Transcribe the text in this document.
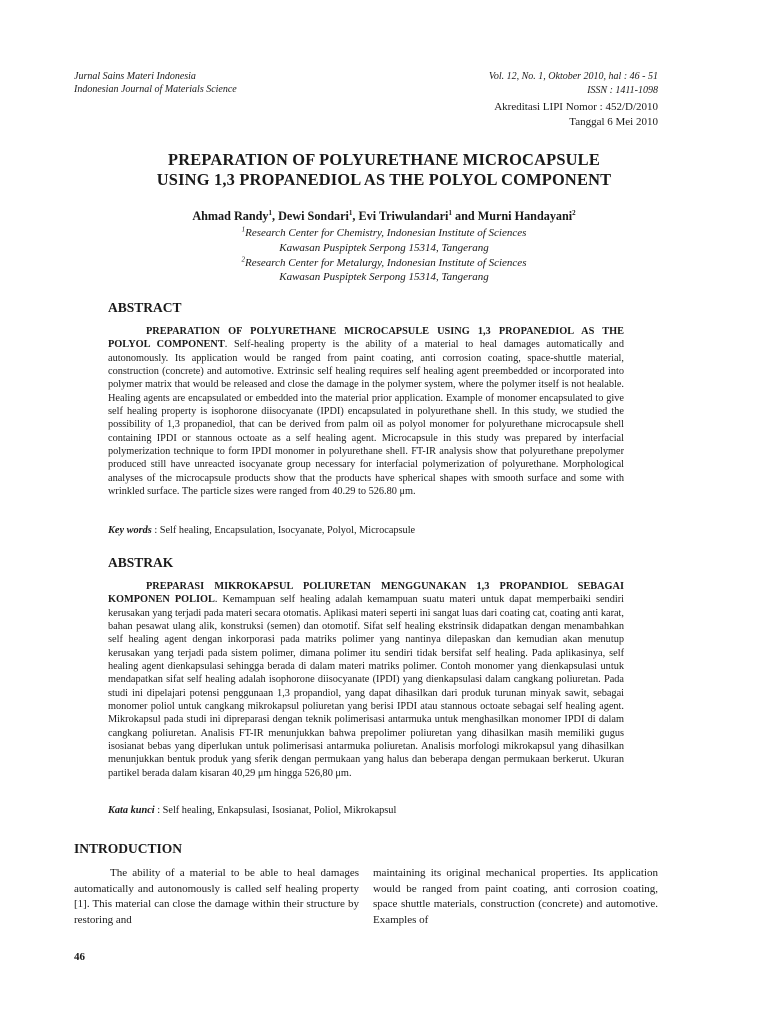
Jurnal Sains Materi Indonesia
Indonesian Journal of Materials Science
Vol. 12, No. 1, Oktober 2010, hal : 46 - 51
ISSN : 1411-1098
Akreditasi LIPI Nomor : 452/D/2010
Tanggal 6 Mei 2010
PREPARATION OF POLYURETHANE MICROCAPSULE
USING 1,3 PROPANEDIOL AS THE POLYOL COMPONENT
Ahmad Randy$^1$, Dewi Sondari$^1$, Evi Triwulandari$^1$ and Murni Handayani$^2$
$^1$Research Center for Chemistry, Indonesian Institute of Sciences
Kawasan Puspiptek Serpong 15314, Tangerang
$^2$Research Center for Metalurgy, Indonesian Institute of Sciences
Kawasan Puspiptek Serpong 15314, Tangerang
ABSTRACT
PREPARATION OF POLYURETHANE MICROCAPSULE USING 1,3 PROPANEDIOL AS THE POLYOL COMPONENT. Self-healing property is the ability of a material to heal damages automatically and autonomously. Its application would be ranged from paint coating, anti corrosion coating, space-shuttle material, construction (concrete) and automotive. Extrinsic self healing requires self healing agent preembedded or incorporated into polymer matrix that would be released and close the damage in the polymer system, where the polymer itself is not healable. Healing agents are encapsulated or embedded into the material prior application. Example of monomer encapsulated to give self healing property is isophorone diisocyanate (IPDI) encapsulated in polyurethane shell. In this study, we studied the possibility of 1,3 propanediol, that can be derived from palm oil as polyol monomer for polyurethane microcapsule shell containing IPDI or stannous octoate as a self healing agent. Microcapsule in this study was prepared by interfacial polymerization technique to form IPDI monomer in polyurethane shell. FT-IR analysis show that polyurethane prepolymer produced still have unreacted isocyanate group necessary for interfacial polymerization of polyurethane. Morphological analyses of the microcapsule products show that the products have spherical shapes with smooth surface and some with wrinkled surface. The particle sizes were ranged from 40.29 to 526.80 μm.
Key words : Self healing, Encapsulation, Isocyanate, Polyol, Microcapsule
ABSTRAK
PREPARASI MIKROKAPSUL POLIURETAN MENGGUNAKAN 1,3 PROPANDIOL SEBAGAI KOMPONEN POLIOL. Kemampuan self healing adalah kemampuan suatu materi untuk dapat memperbaiki sendiri kerusakan yang terjadi pada materi secara otomatis. Aplikasi materi seperti ini sangat luas dari coating cat, coating anti karat, bahan pesawat ulang alik, konstruksi (semen) dan otomotif. Sifat self healing ekstrinsik didapatkan dengan menambahkan self healing agent dengan inkorporasi pada matriks polimer yang nantinya dilepaskan dan kemudian akan menutup kerusakan yang terjadi pada sistem polimer, dimana polimer itu sendiri tidak bersifat self healing. Pada aplikasinya, self healing agent dienkapsulasi sehingga berada di dalam materi matriks polimer. Contoh monomer yang dienkapsulasi untuk mendapatkan sifat self healing adalah isophorone diisocyanate (IPDI) yang dienkapsulasi dalam cangkang poliuretan. Pada studi ini dipelajari potensi penggunaan 1,3 propandiol, yang dapat dihasilkan dari produk turunan minyak sawit, sebagai monomer poliol untuk cangkang mikrokapsul poliuretan yang berisi IPDI atau stannous octoate sebagai self healing agent. Mikrokapsul pada studi ini dipreparasi dengan teknik polimerisasi antarmuka untuk menghasilkan monomer IPDI di dalam cangkang poliuretan. Analisis FT-IR menunjukkan bahwa prepolimer poliuretan yang dihasilkan masih memiliki gugus isosianat bebas yang diperlukan untuk polimerisasi antarmuka poliuretan. Analisis morfologi mikrokapsul yang dihasilkan menunjukkan bentuk produk yang sferik dengan permukaan yang halus dan beberapa dengan permukaan berkerut. Ukuran partikel berada dalam kisaran 40,29 μm hingga 526,80 μm.
Kata kunci : Self healing, Enkapsulasi, Isosianat, Poliol, Mikrokapsul
INTRODUCTION
The ability of a material to be able to heal damages automatically and autonomously is called self healing property [1]. This material can close the damage within their structure by restoring and
maintaining its original mechanical properties. Its application would be ranged from paint coating, anti corrosion coating, space shuttle materials, construction (concrete) and automotive. Examples of
46
